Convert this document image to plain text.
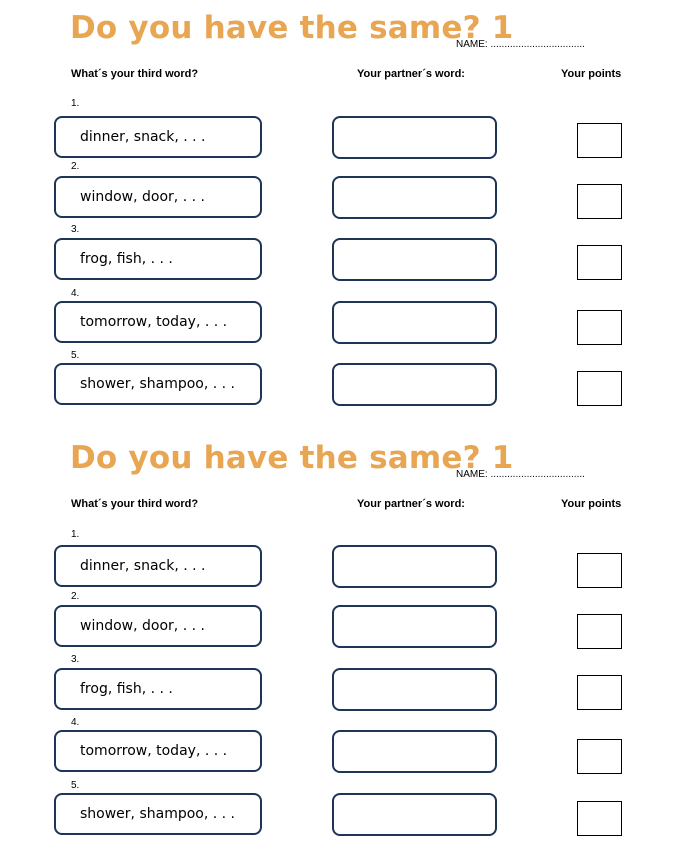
Do you have the same? 1
NAME: ..................................
What´s your third word?	Your partner´s word:	Your points
1.
dinner, snack, . . .
2.
window, door, . . .
3.
frog, fish, . . .
4.
tomorrow, today, . . .
5.
shower, shampoo, . . .
Do you have the same? 1
NAME: ..................................
What´s your third word?	Your partner´s word:	Your points
1.
dinner, snack, . . .
2.
window, door, . . .
3.
frog, fish, . . .
4.
tomorrow, today, . . .
5.
shower, shampoo, . . .
